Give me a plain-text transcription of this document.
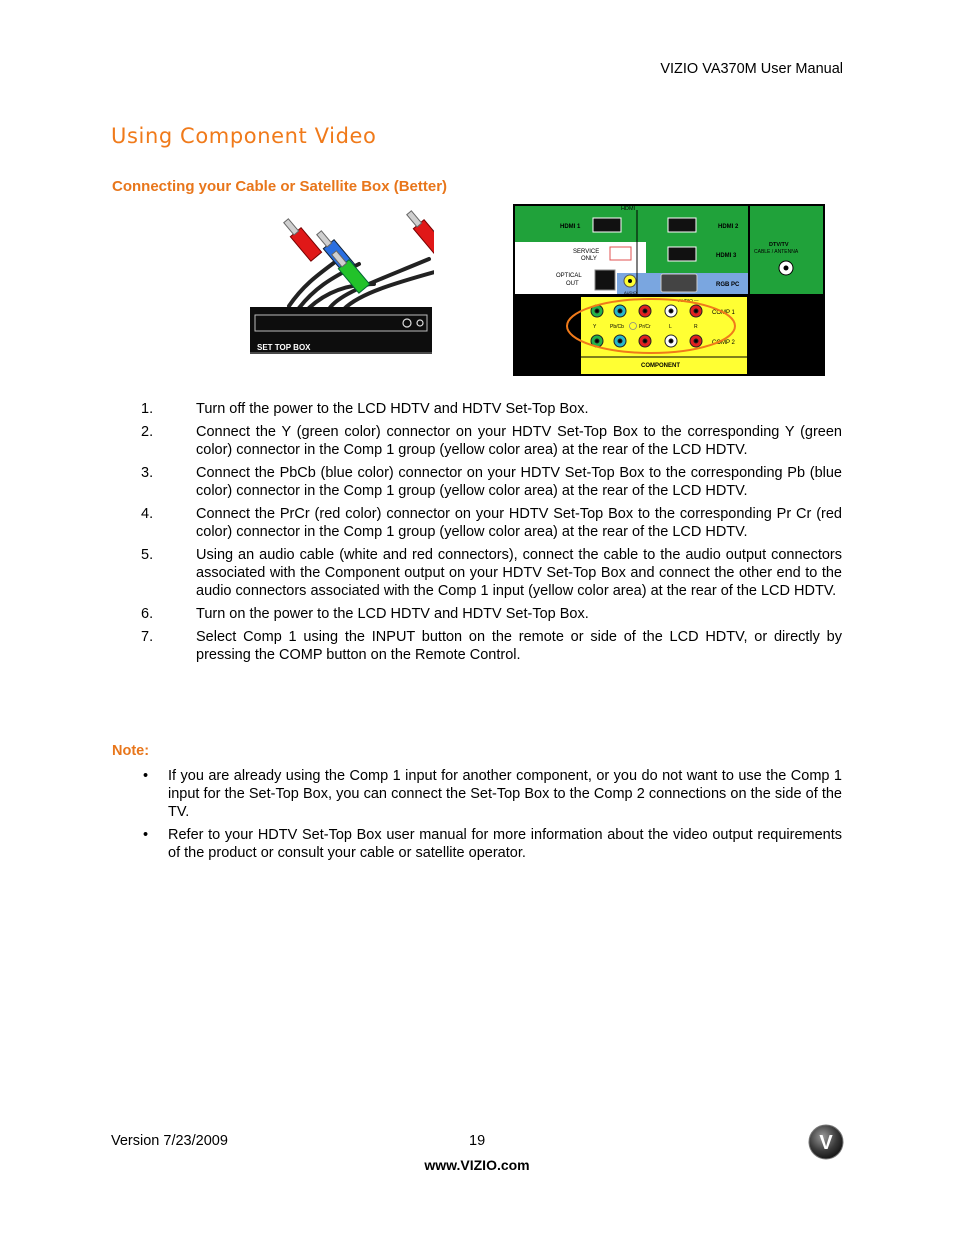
VIZIO VA370M User Manual
Using Component Video
Connecting your Cable or Satellite Box (Better)
SET TOP BOX
HDMI
HDMI 1	HDMI 2
HDMI 3
SERVICE
ONLY
OPTICAL
OUT
AUDIO
RGB PC
DTV/TV
CABLE / ANTENNA
— AUDIO —
Y	Pb/Cb	Pr/Cr	L	R
COMP 1
COMP 2
COMPONENT
1.	Turn off the power to the LCD HDTV and HDTV Set-Top Box.
2.	Connect the Y (green color) connector on your HDTV Set-Top Box to the corresponding Y (green color) connector in the Comp 1 group (yellow color area) at the rear of the LCD HDTV.
3.	Connect the PbCb (blue color) connector on your HDTV Set-Top Box to the corresponding Pb (blue color) connector in the Comp 1 group (yellow color area) at the rear of the LCD HDTV.
4.	Connect the PrCr (red color) connector on your HDTV Set-Top Box to the corresponding Pr Cr (red color) connector in the Comp 1 group (yellow color area) at the rear of the LCD HDTV.
5.	Using an audio cable (white and red connectors), connect the cable to the audio output connectors associated with the Component output on your HDTV Set-Top Box and connect the other end to the audio connectors associated with the Comp 1 input (yellow color area) at the rear of the LCD HDTV.
6.	Turn on the power to the LCD HDTV and HDTV Set-Top Box.
7.	Select Comp 1 using the INPUT button on the remote or side of the LCD HDTV, or directly by pressing the COMP button on the Remote Control.
Note:
• If you are already using the Comp 1 input for another component, or you do not want to use the Comp 1 input for the Set-Top Box, you can connect the Set-Top Box to the Comp 2 connections on the side of the TV.
• Refer to your HDTV Set-Top Box user manual for more information about the video output requirements of the product or consult your cable or satellite operator.
Version 7/23/2009	19
www.VIZIO.com
V
